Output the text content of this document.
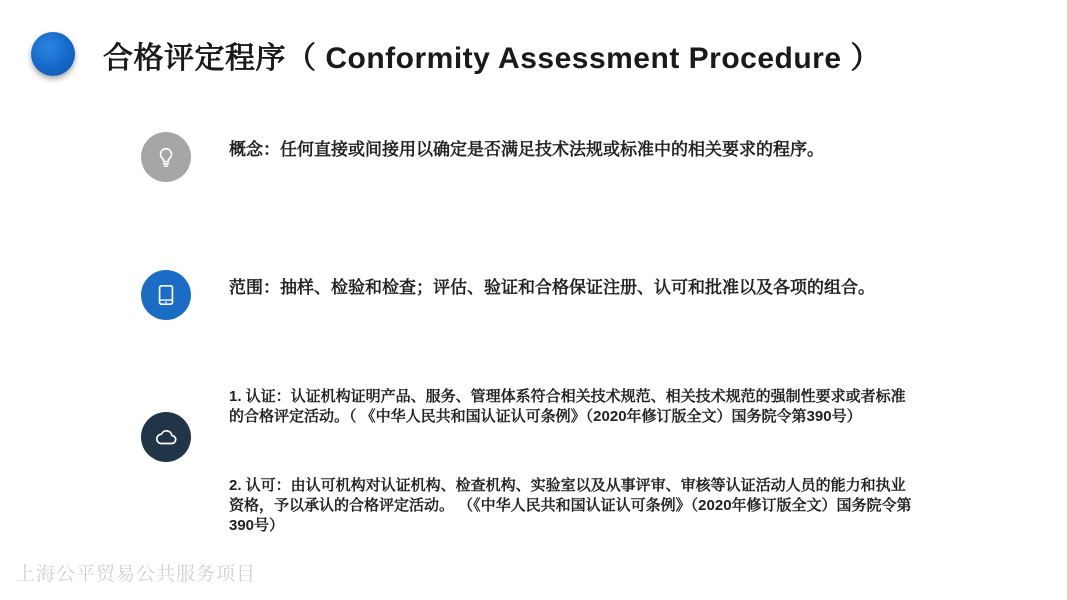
合格评定程序（ Conformity Assessment Procedure ）
概念：任何直接或间接用以确定是否满足技术法规或标准中的相关要求的程序。
范围：抽样、检验和检查；评估、验证和合格保证注册、认可和批准以及各项的组合。
1. 认证：认证机构证明产品、服务、管理体系符合相关技术规范、相关技术规范的强制性要求或者标准的合格评定活动。（ 《中华人民共和国认证认可条例》（2020年修订版全文）国务院令第390号）
2. 认可：由认可机构对认证机构、检查机构、实验室以及从事评审、审核等认证活动人员的能力和执业资格，予以承认的合格评定活动。 （《中华人民共和国认证认可条例》（2020年修订版全文）国务院令第390号）
上海公平贸易公共服务项目
